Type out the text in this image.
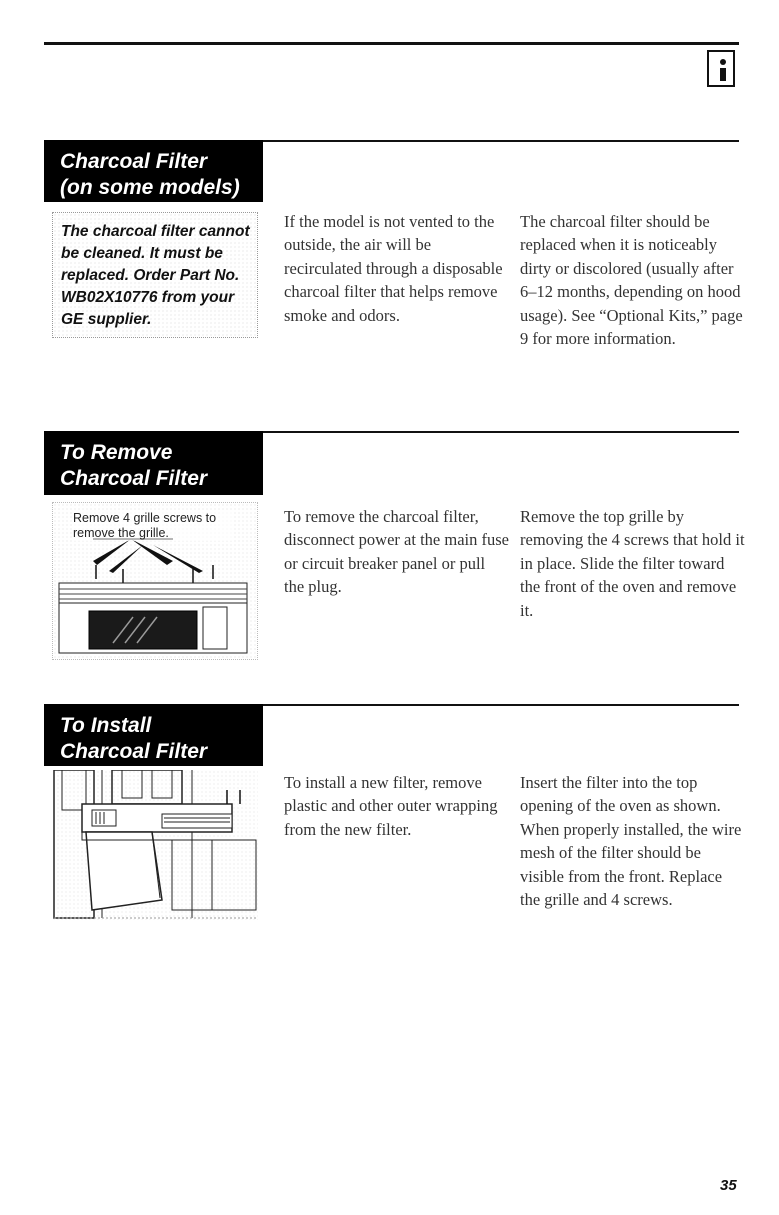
Charcoal Filter
(on some models)
The charcoal filter cannot be cleaned. It must be replaced. Order Part No. WB02X10776 from your GE supplier.
If the model is not vented to the outside, the air will be recirculated through a disposable charcoal filter that helps remove smoke and odors.
The charcoal filter should be replaced when it is noticeably dirty or discolored (usually after 6–12 months, depending on hood usage). See “Optional Kits,” page 9 for more information.
To Remove
Charcoal Filter
Remove 4 grille screws to remove the grille.
To remove the charcoal filter, disconnect power at the main fuse or circuit breaker panel or pull the plug.
Remove the top grille by removing the 4 screws that hold it in place. Slide the filter toward the front of the oven and remove it.
To Install
Charcoal Filter
To install a new filter, remove plastic and other outer wrapping from the new filter.
Insert the filter into the top opening of the oven as shown. When properly installed, the wire mesh of the filter should be visible from the front. Replace the grille and 4 screws.
35
